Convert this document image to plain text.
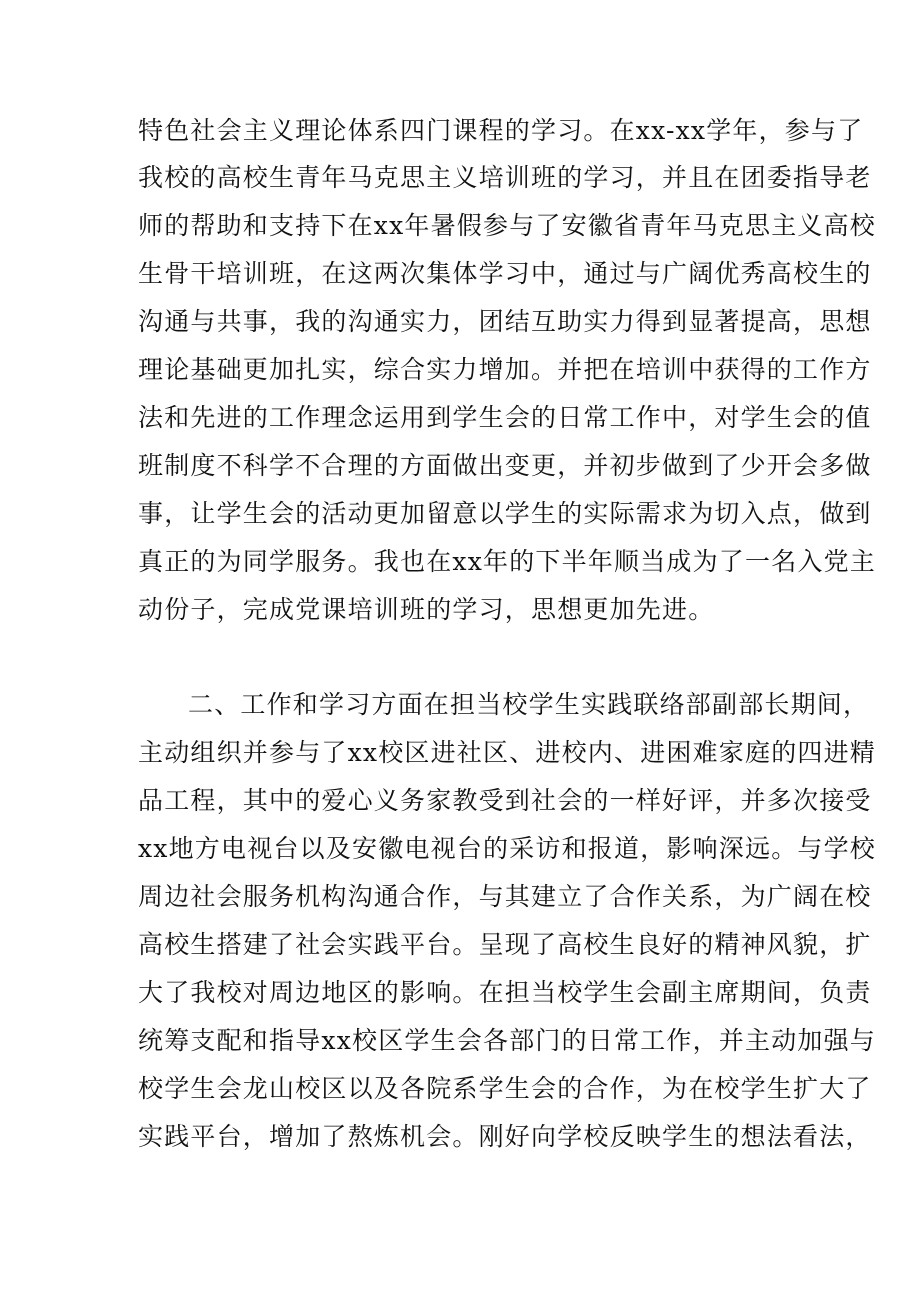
特色社会主义理论体系四门课程的学习。在xx-xx学年，参与了
我校的高校生青年马克思主义培训班的学习，并且在团委指导老
师的帮助和支持下在xx年暑假参与了安徽省青年马克思主义高校
生骨干培训班，在这两次集体学习中，通过与广阔优秀高校生的
沟通与共事，我的沟通实力，团结互助实力得到显著提高，思想
理论基础更加扎实，综合实力增加。并把在培训中获得的工作方
法和先进的工作理念运用到学生会的日常工作中，对学生会的值
班制度不科学不合理的方面做出变更，并初步做到了少开会多做
事，让学生会的活动更加留意以学生的实际需求为切入点，做到
真正的为同学服务。我也在xx年的下半年顺当成为了一名入党主
动份子，完成党课培训班的学习，思想更加先进。
二、工作和学习方面在担当校学生实践联络部副部长期间，
主动组织并参与了xx校区进社区、进校内、进困难家庭的四进精
品工程，其中的爱心义务家教受到社会的一样好评，并多次接受
xx地方电视台以及安徽电视台的采访和报道，影响深远。与学校
周边社会服务机构沟通合作，与其建立了合作关系，为广阔在校
高校生搭建了社会实践平台。呈现了高校生良好的精神风貌，扩
大了我校对周边地区的影响。在担当校学生会副主席期间，负责
统筹支配和指导xx校区学生会各部门的日常工作，并主动加强与
校学生会龙山校区以及各院系学生会的合作，为在校学生扩大了
实践平台，增加了熬炼机会。刚好向学校反映学生的想法看法，
